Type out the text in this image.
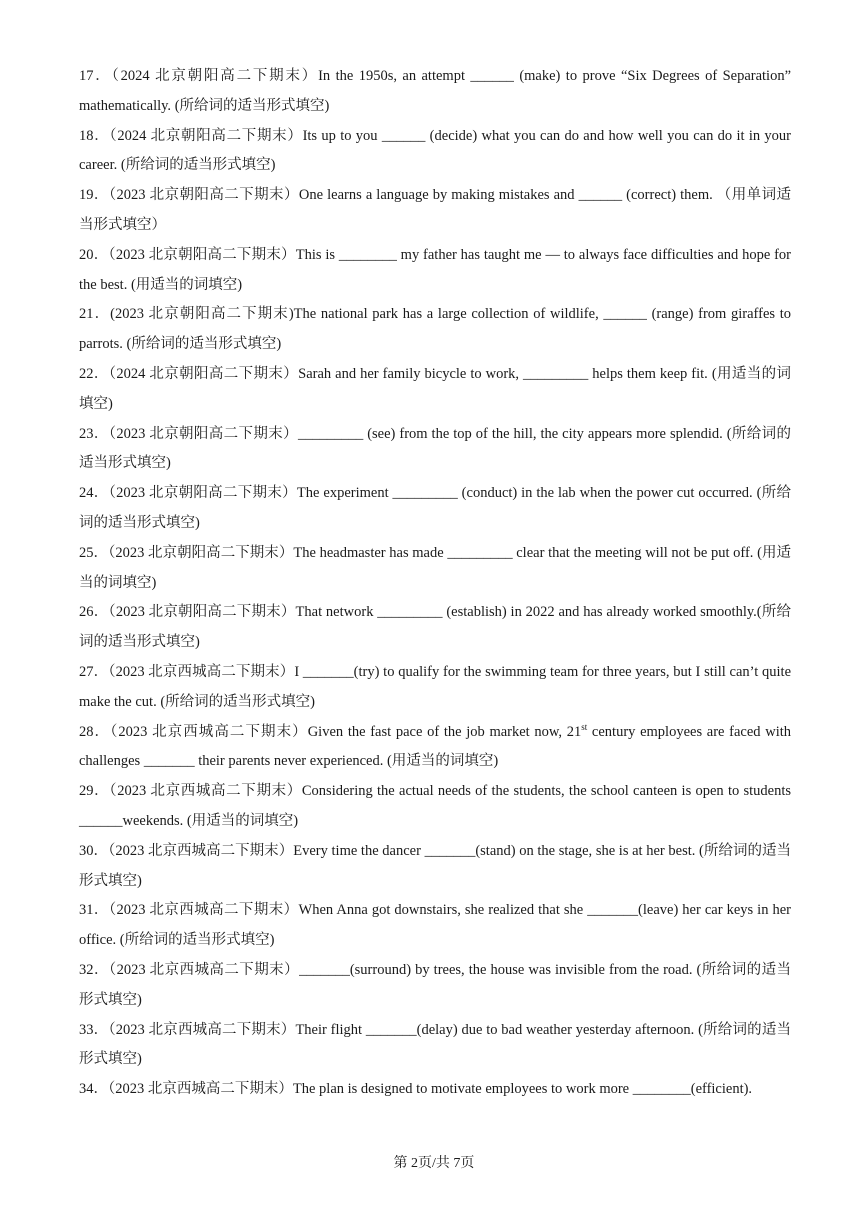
17．（2024 北京朝阳高二下期末）In the 1950s, an attempt ______ (make) to prove “Six Degrees of Separation” mathematically. (所给词的适当形式填空)

18．（2024 北京朝阳高二下期末）Its up to you ______ (decide) what you can do and how well you can do it in your career. (所给词的适当形式填空)

19．（2023 北京朝阳高二下期末）One learns a language by making mistakes and ______ (correct) them. （用单词适当形式填空）

20．（2023 北京朝阳高二下期末）This is ________ my father has taught me — to always face difficulties and hope for the best. (用适当的词填空)

21．(2023 北京朝阳高二下期末)The national park has a large collection of wildlife, ______ (range) from giraffes to parrots. (所给词的适当形式填空)

22．（2024 北京朝阳高二下期末）Sarah and her family bicycle to work, _________ helps them keep fit. (用适当的词填空)

23．（2023 北京朝阳高二下期末）_________ (see) from the top of the hill, the city appears more splendid. (所给词的适当形式填空)

24．（2023 北京朝阳高二下期末）The experiment _________ (conduct) in the lab when the power cut occurred. (所给词的适当形式填空)

25．（2023 北京朝阳高二下期末）The headmaster has made _________ clear that the meeting will not be put off. (用适当的词填空)

26．（2023 北京朝阳高二下期末）That network _________ (establish) in 2022 and has already worked smoothly.(所给词的适当形式填空)

27．（2023 北京西城高二下期末）I _______(try) to qualify for the swimming team for three years, but I still can’t quite make the cut. (所给词的适当形式填空)

28．（2023 北京西城高二下期末）Given the fast pace of the job market now, 21st century employees are faced with challenges _______ their parents never experienced. (用适当的词填空)

29．（2023 北京西城高二下期末）Considering the actual needs of the students, the school canteen is open to students ______weekends. (用适当的词填空)

30．（2023 北京西城高二下期末）Every time the dancer _______(stand) on the stage, she is at her best. (所给词的适当形式填空)

31．（2023 北京西城高二下期末）When Anna got downstairs, she realized that she _______(leave) her car keys in her office. (所给词的适当形式填空)

32．（2023 北京西城高二下期末）_______(surround) by trees, the house was invisible from the road. (所给词的适当形式填空)

33．（2023 北京西城高二下期末）Their flight _______(delay) due to bad weather yesterday afternoon. (所给词的适当形式填空)

34．（2023 北京西城高二下期末）The plan is designed to motivate employees to work more ________(efficient).

第 2页/共 7页
